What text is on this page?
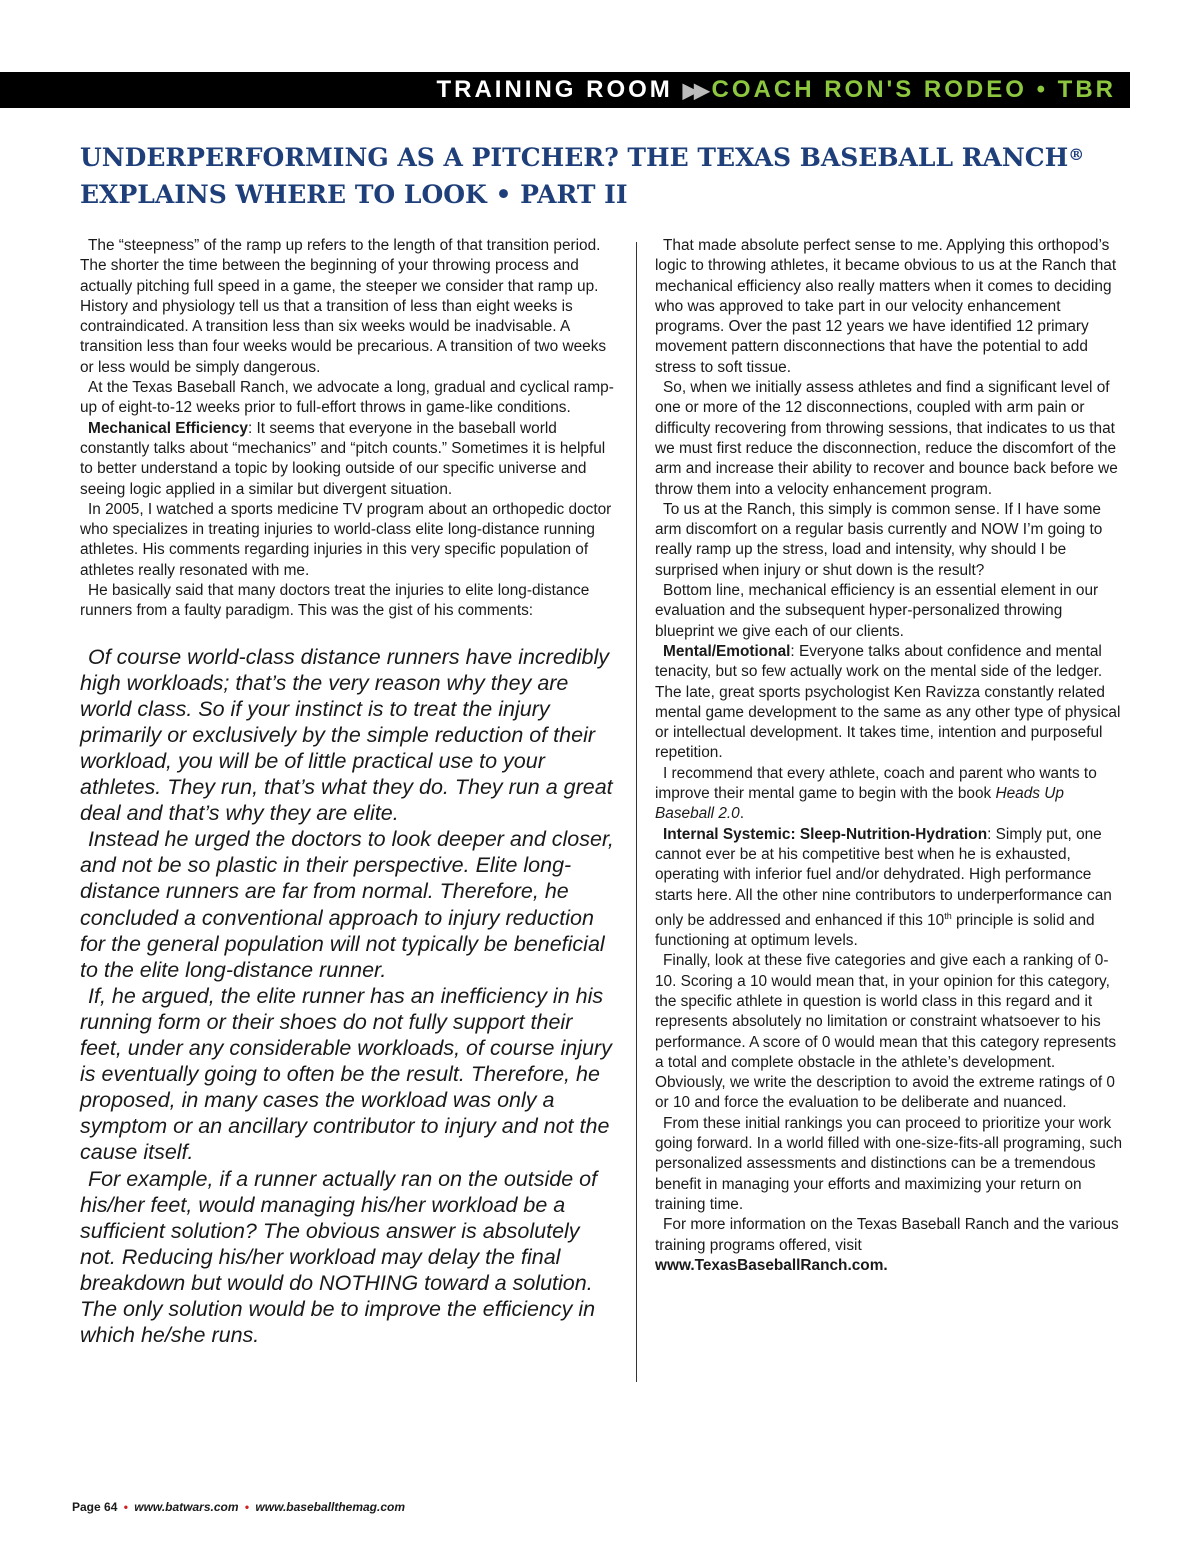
TRAINING ROOM ▶▶ COACH RON'S RODEO • TBR
UNDERPERFORMING AS A PITCHER? THE TEXAS BASEBALL RANCH®
EXPLAINS WHERE TO LOOK • PART II

The “steepness” of the ramp up refers to the length of that transition period. The shorter the time between the beginning of your throwing process and actually pitching full speed in a game, the steeper we consider that ramp up. History and physiology tell us that a transition of less than eight weeks is contraindicated. A transition less than six weeks would be inadvisable. A transition less than four weeks would be precarious. A transition of two weeks or less would be simply dangerous.

At the Texas Baseball Ranch, we advocate a long, gradual and cyclical ramp-up of eight-to-12 weeks prior to full-effort throws in game-like conditions.

Mechanical Efficiency: It seems that everyone in the baseball world constantly talks about “mechanics” and “pitch counts.” Sometimes it is helpful to better understand a topic by looking outside of our specific universe and seeing logic applied in a similar but divergent situation.

In 2005, I watched a sports medicine TV program about an orthopedic doctor who specializes in treating injuries to world-class elite long-distance running athletes. His comments regarding injuries in this very specific population of athletes really resonated with me.

He basically said that many doctors treat the injuries to elite long-distance runners from a faulty paradigm. This was the gist of his comments:

Of course world-class distance runners have incredibly high workloads; that’s the very reason why they are world class. So if your instinct is to treat the injury primarily or exclusively by the simple reduction of their workload, you will be of little practical use to your athletes. They run, that’s what they do. They run a great deal and that’s why they are elite.

Instead he urged the doctors to look deeper and closer, and not be so plastic in their perspective. Elite long-distance runners are far from normal. Therefore, he concluded a conventional approach to injury reduction for the general population will not typically be beneficial to the elite long-distance runner.

If, he argued, the elite runner has an inefficiency in his running form or their shoes do not fully support their feet, under any considerable workloads, of course injury is eventually going to often be the result. Therefore, he proposed, in many cases the workload was only a symptom or an ancillary contributor to injury and not the cause itself.

For example, if a runner actually ran on the outside of his/her feet, would managing his/her workload be a sufficient solution? The obvious answer is absolutely not. Reducing his/her workload may delay the final breakdown but would do NOTHING toward a solution. The only solution would be to improve the efficiency in which he/she runs.

That made absolute perfect sense to me. Applying this orthopod’s logic to throwing athletes, it became obvious to us at the Ranch that mechanical efficiency also really matters when it comes to deciding who was approved to take part in our velocity enhancement programs. Over the past 12 years we have identified 12 primary movement pattern disconnections that have the potential to add stress to soft tissue.

So, when we initially assess athletes and find a significant level of one or more of the 12 disconnections, coupled with arm pain or difficulty recovering from throwing sessions, that indicates to us that we must first reduce the disconnection, reduce the discomfort of the arm and increase their ability to recover and bounce back before we throw them into a velocity enhancement program.

To us at the Ranch, this simply is common sense. If I have some arm discomfort on a regular basis currently and NOW I’m going to really ramp up the stress, load and intensity, why should I be surprised when injury or shut down is the result?

Bottom line, mechanical efficiency is an essential element in our evaluation and the subsequent hyper-personalized throwing blueprint we give each of our clients.

Mental/Emotional: Everyone talks about confidence and mental tenacity, but so few actually work on the mental side of the ledger. The late, great sports psychologist Ken Ravizza constantly related mental game development to the same as any other type of physical or intellectual development. It takes time, intention and purposeful repetition.

I recommend that every athlete, coach and parent who wants to improve their mental game to begin with the book Heads Up Baseball 2.0.

Internal Systemic: Sleep-Nutrition-Hydration: Simply put, one cannot ever be at his competitive best when he is exhausted, operating with inferior fuel and/or dehydrated. High performance starts here. All the other nine contributors to underperformance can only be addressed and enhanced if this 10th principle is solid and functioning at optimum levels.

Finally, look at these five categories and give each a ranking of 0-10. Scoring a 10 would mean that, in your opinion for this category, the specific athlete in question is world class in this regard and it represents absolutely no limitation or constraint whatsoever to his performance. A score of 0 would mean that this category represents a total and complete obstacle in the athlete’s development. Obviously, we write the description to avoid the extreme ratings of 0 or 10 and force the evaluation to be deliberate and nuanced.

From these initial rankings you can proceed to prioritize your work going forward. In a world filled with one-size-fits-all programing, such personalized assessments and distinctions can be a tremendous benefit in managing your efforts and maximizing your return on training time.

For more information on the Texas Baseball Ranch and the various training programs offered, visit
www.TexasBaseballRanch.com.

Page 64 • www.batwars.com • www.baseballthemag.com
